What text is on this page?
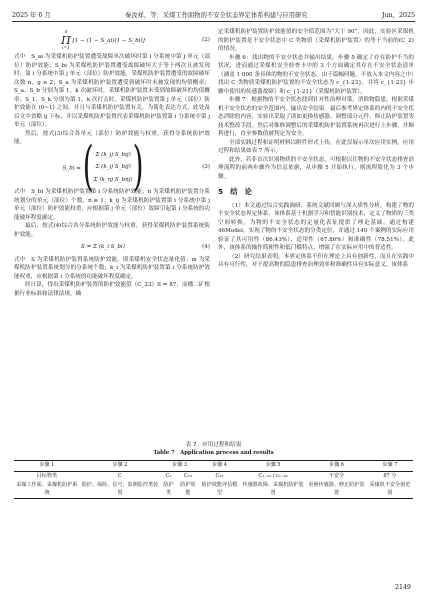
2025 年 6 月	秦汝祥，等：采煤工作面物的不安全状态界定体系构建与应用研究	Jun，2025
n
Π
i=1
[1 − (1 − S_ai)(1 − S_bi)]	(2)

式中　S_ai 为采煤机防护装置遭受故障单次破坏时第 i 分系统中第 j 单元（部位）防护效能；S_bi 为采煤机防护装置遭受故障破坏大于等于两次且被发现时，第 i 分系统中第 j 单元（部位）防护效能，采煤机防护装置遭受的故障破坏次数 n，g ≥ 2；S_a 为采煤机防护装置遭受到破坏时未被发现的均值概率；S_a、S_b 分别为第 1、k 次破坏时，采煤机防护装置未受到故障破坏的均值概率；S_1、S_k 分别为第 1、k 次打击时，采煤机防护装置第 j 单元（部位）防护效能在 (0~1) 之间，并且与采煤机防护装置有关。为简化表达方式，此处及后文中省略 ij 下标，并以采煤机防护装置代表采煤机防护装置第 i 分系统中第 j 单元（部位）。

然后，按式(3)综合各单元（部位）防护效能与权重，获得分系统防护效能。

S_bi = ( Σ (k_ij S_bij)
Σ (k_ij S_bij)
Σ (k_nj S_bnj) )	(3)

式中　S_bi 为采煤机防护装置第 i 分系统防护效能；n 为采煤机防护装置分系统划分的单元（部位）个数，n ≥ 1；k_ij 为采煤机防护装置第 i 分系统中第 j 单元（部位）防护效能权重，应根据第 j 单元（部位）故障引起第 i 分系统的功能破坏程度确定。

最后，按式(4)综合各分系统防护效能与权重，获得采煤机防护装置系统防护效能。

S = Σ (k_i S_bi)	(4)

式中　S 为采煤机防护装置系统防护效能，即采煤机安全状态量化值；m 为采煤机防护装置系统划分的分系统个数；k_i 为采煤机防护装置第 i 分系统防护效能权重，应根据第 i 分系统的功能破坏程度确定。

经计算，得出采煤机防护装置的防护效能值（C_23）S = 87，而播二矿根据行业标准和法律法规，确

定采煤机防护装置防护效能值的安全值范围为“大于 90”，因此，实验区采煤机的防护装置是不安全状态中 C 类物质（采煤机防护装置）的等于当前的(C_2)的情况。

步骤 6：找出物的不安全状态并输出结果。步骤 5 确定了存在防护不当的状况，进而通过采煤机安全检查卡中的 3 个方面确定其存在不安全状态清单（涵盖 1 000 条具体的物的不安全状态，由于篇幅问题，不放入本文内容之中）找出 C 类物质采煤机防护装置的不安全状态为 c_{1-23}，并将 c_{1-23} 步骤中使用的传感器故障）和 c_{1-21}（采煤机防护装置）。

步骤 7：根据物的不安全状态找到针对性治理对策，消除物隐患。根据采煤机不安全状态的安全范围内，输出安全结果。最后参考界定体系的内的不安全状态消除的内容，实验出采取了诸如更换传感器、调整部分元件、修正防护装置等技术整改手段。然后对维修调整后的采煤机防护装置系统再次进行上步骤，并顺利进行，直至参数值被判定为安全。

全部实践过程和证明材料以附件形式上传，在此仅展示单次应用实例，应用过程和结果如表 7 所示。

此外，若非首次识别物质的不安全状态，可根据以往物的不安全状态排查治理流程的前两步骤作为信息依据，从步骤 5 开始执行，则流程简化为 3 个步骤。

5　结　论

（1）本文通过综合实践调研、系统文献回顾与深入质性分析，构建了物的不安全状态界定体系。该体系基于机器学习和智能识别技术，定义了物质的三类空间转换，为物的不安全状态的定量化表征提供了理论基础。通过构建 46Model，实现了物的不安全状态的分类定位，并通过 140 个案例的实际应用验证了其可用性（86.43%）、适用性（67.86%）和准确性（78.51%）。此外，该体系的操作简便性和低门槛特点，增强了在实际应用中的普适性。

（2）研究结果表明，本界定体系不但在理论上具有创新性，而且在实践中具有可行性，对于提高物的隐患排查治理效率和准确性具有实际意义。该体系

表 7　应用过程和结果
Table 7　Application process and results
步骤 1	步骤 2	步骤 3		步骤 4	步骤 5	步骤 6	步骤 7
目标物类	C	C₂	C₂₃	C₂₃	C₁₋₂₃ / c₁₋₄₂	不安全	87 分
采煤工作面、采煤机防护系统	防护、保险、信号、监测监控类装置	防护类	防护效能	防护效能评估模型	传感器故障、采煤机防护装置	更换传感器、修正防护装置	采煤机不安全值范围
2149
